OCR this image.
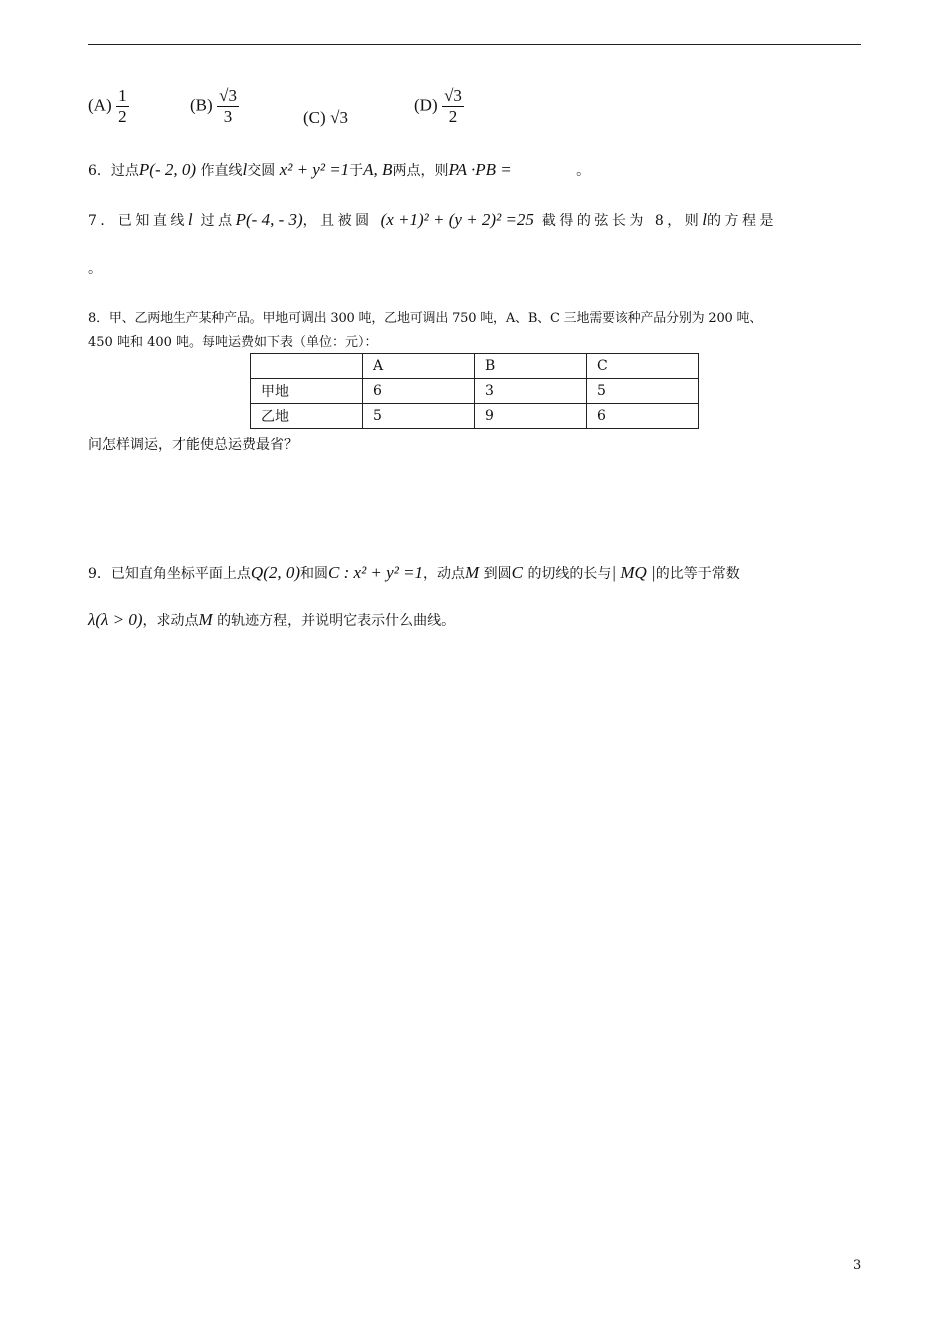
$(A) \frac{1}{2}$	$(B) \frac{√3}{3}$	(C) √3
$(D) \frac{√3}{2}$
6．过点P(- 2, 0) 作直线l交圆 x² + y² =1于A, B两点，则PA ·PB =	。
7．已知直线l 过点P(- 4, - 3)，且被圆 (x +1)² + (y + 2)² =25 截得的弦长为 8，则l的方程是
。
8．甲、乙两地生产某种产品。甲地可调出 300 吨，乙地可调出 750 吨，A、B、C 三地需要该种产品分别为 200 吨、
450 吨和 400 吨。每吨运费如下表（单位：元）：
	A	B	C
甲地	6	3	5
乙地	5	9	6
问怎样调运，才能使总运费最省？
9．已知直角坐标平面上点Q(2, 0)和圆C : x² + y² =1，动点M 到圆C 的切线的长与| MQ |的比等于常数
λ(λ > 0)，求动点M 的轨迹方程，并说明它表示什么曲线。
3
